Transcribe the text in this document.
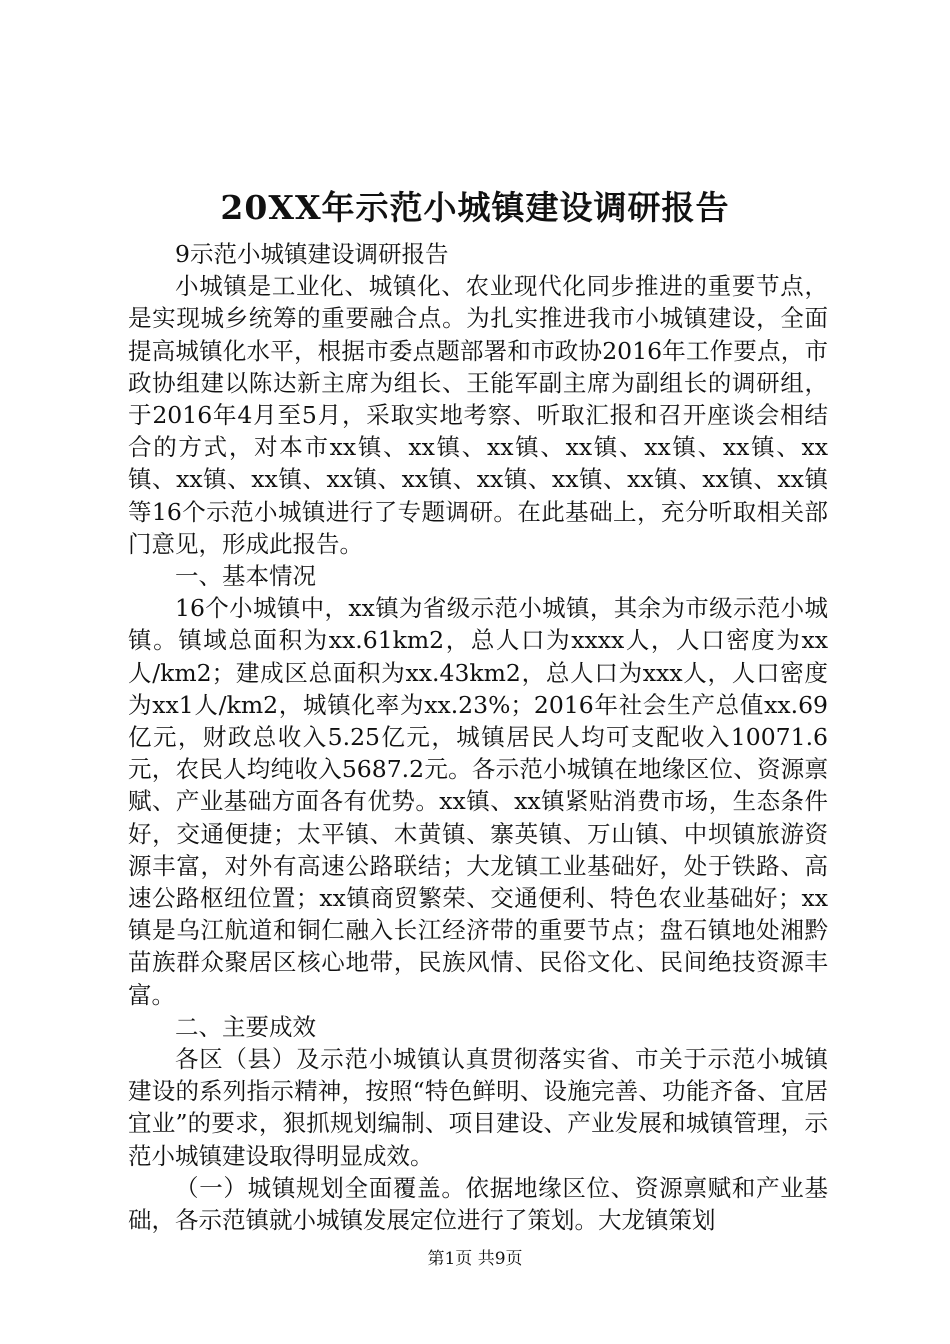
20XX年示范小城镇建设调研报告

9示范小城镇建设调研报告

小城镇是工业化、城镇化、农业现代化同步推进的重要节点，是实现城乡统筹的重要融合点。为扎实推进我市小城镇建设，全面提高城镇化水平，根据市委点题部署和市政协2016年工作要点，市政协组建以陈达新主席为组长、王能军副主席为副组长的调研组，于2016年4月至5月，采取实地考察、听取汇报和召开座谈会相结合的方式，对本市xx镇、xx镇、xx镇、xx镇、xx镇、xx镇、xx镇、xx镇、xx镇、xx镇、xx镇、xx镇、xx镇、xx镇、xx镇、xx镇等16个示范小城镇进行了专题调研。在此基础上，充分听取相关部门意见，形成此报告。

一、基本情况

16个小城镇中，xx镇为省级示范小城镇，其余为市级示范小城镇。镇域总面积为xx.61km2，总人口为xxxx人，人口密度为xx人/km2；建成区总面积为xx.43km2，总人口为xxx人，人口密度为xx1人/km2，城镇化率为xx.23%；2016年社会生产总值xx.69亿元，财政总收入5.25亿元，城镇居民人均可支配收入10071.6元，农民人均纯收入5687.2元。各示范小城镇在地缘区位、资源禀赋、产业基础方面各有优势。xx镇、xx镇紧贴消费市场，生态条件好，交通便捷；太平镇、木黄镇、寨英镇、万山镇、中坝镇旅游资源丰富，对外有高速公路联结；大龙镇工业基础好，处于铁路、高速公路枢纽位置；xx镇商贸繁荣、交通便利、特色农业基础好；xx镇是乌江航道和铜仁融入长江经济带的重要节点；盘石镇地处湘黔苗族群众聚居区核心地带，民族风情、民俗文化、民间绝技资源丰富。

二、主要成效

各区（县）及示范小城镇认真贯彻落实省、市关于示范小城镇建设的系列指示精神，按照“特色鲜明、设施完善、功能齐备、宜居宜业”的要求，狠抓规划编制、项目建设、产业发展和城镇管理，示范小城镇建设取得明显成效。

（一）城镇规划全面覆盖。依据地缘区位、资源禀赋和产业基础，各示范镇就小城镇发展定位进行了策划。大龙镇策划

第1页 共9页
